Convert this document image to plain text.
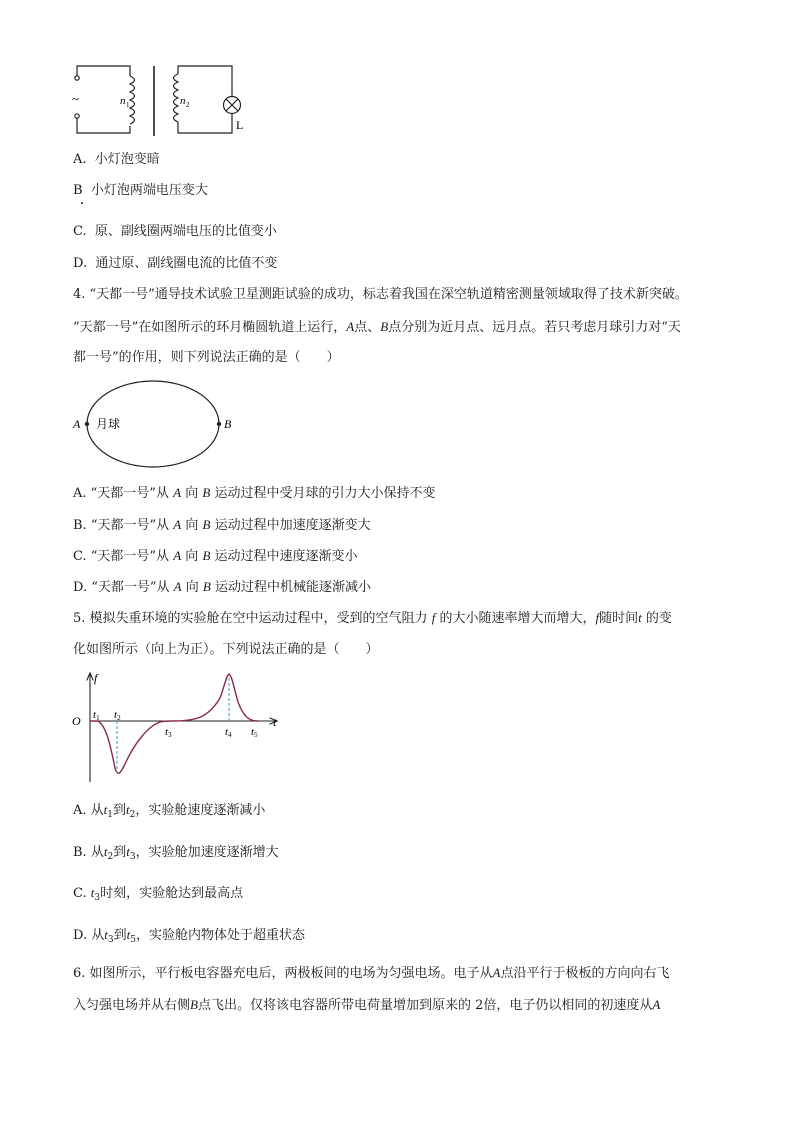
~	n 1	n 2
L
A. 小灯泡变暗
B 小灯泡两端电压变大
C. 原、副线圈两端电压的比值变小
D. 通过原、副线圈电流的比值不变
4. “天都一号”通导技术试验卫星测距试验的成功，标志着我国在深空轨道精密测量领域取得了技术新突破。
“天都一号”在如图所示的环月椭圆轨道上运行，A点、B点分别为近月点、远月点。若只考虑月球引力对“天
都一号”的作用，则下列说法正确的是（　　）
A	B
月球
A. “天都一号”从 A 向 B 运动过程中受月球的引力大小保持不变
B. “天都一号”从 A 向 B 运动过程中加速度逐渐变大
C. “天都一号”从 A 向 B 运动过程中速度逐渐变小
D. “天都一号”从 A 向 B 运动过程中机械能逐渐减小
5. 模拟失重环境的实验舱在空中运动过程中，受到的空气阻力 f 的大小随速率增大而增大，f随时间t 的变
化如图所示（向上为正）。下列说法正确的是（　　）
f
t
O t1 t2
t3	t4 t5
A. 从$t_1$到$t_2$，实验舱速度逐渐减小
B. 从$t_2$到$t_3$，实验舱加速度逐渐增大
C. $t_3$时刻，实验舱达到最高点
D. 从$t_3$到$t_5$，实验舱内物体处于超重状态
6. 如图所示，平行板电容器充电后，两极板间的电场为匀强电场。电子从A点沿平行于极板的方向向右飞
入匀强电场并从右侧B点飞出。仅将该电容器所带电荷量增加到原来的 2倍，电子仍以相同的初速度从A
